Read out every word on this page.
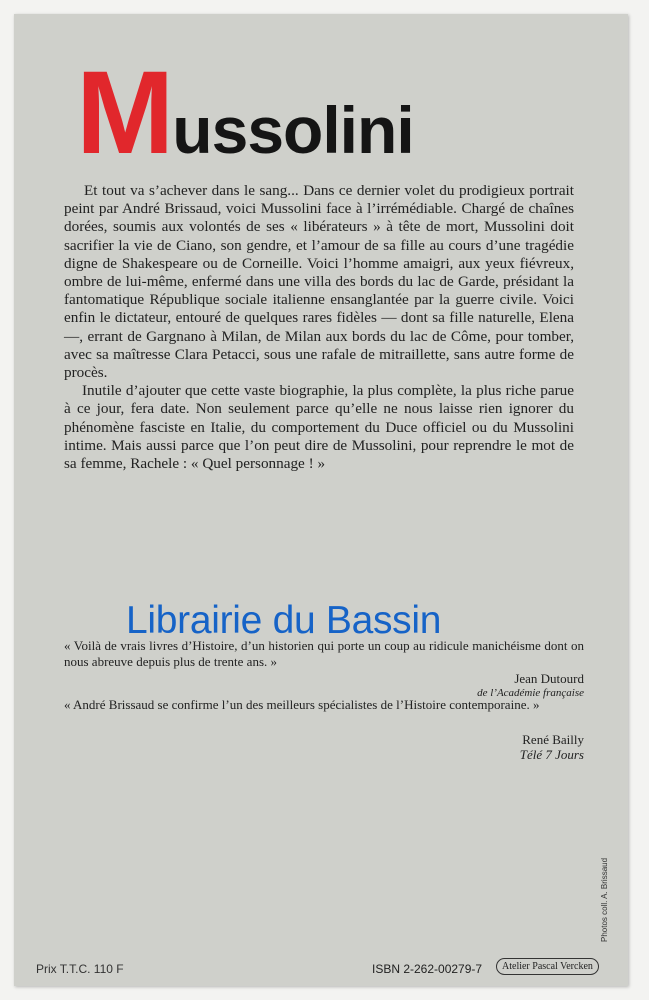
Mussolini

Et tout va s’achever dans le sang... Dans ce dernier volet du prodigieux portrait peint par André Brissaud, voici Mussolini face à l’irrémédiable. Chargé de chaînes dorées, soumis aux volontés de ses « libérateurs » à tête de mort, Mussolini doit sacrifier la vie de Ciano, son gendre, et l’amour de sa fille au cours d’une tragédie digne de Shakespeare ou de Corneille. Voici l’homme amaigri, aux yeux fiévreux, ombre de lui-même, enfermé dans une villa des bords du lac de Garde, présidant la fantomatique République sociale italienne ensanglantée par la guerre civile. Voici enfin le dictateur, entouré de quelques rares fidèles — dont sa fille naturelle, Elena —, errant de Gargnano à Milan, de Milan aux bords du lac de Côme, pour tomber, avec sa maîtresse Clara Petacci, sous une rafale de mitraillette, sans autre forme de procès.

Inutile d’ajouter que cette vaste biographie, la plus complète, la plus riche parue à ce jour, fera date. Non seulement parce qu’elle ne nous laisse rien ignorer du phénomène fasciste en Italie, du comportement du Duce officiel ou du Mussolini intime. Mais aussi parce que l’on peut dire de Mussolini, pour reprendre le mot de sa femme, Rachele : « Quel personnage ! »

Librairie du Bassin
« Voilà de vrais livres d’Histoire, d’un historien qui porte un coup au ridicule manichéisme dont on nous abreuve depuis plus de trente ans. »
Jean Dutourd
de l’Académie française
« André Brissaud se confirme l’un des meilleurs spécialistes de l’Histoire contemporaine. »
René Bailly
Télé 7 Jours
Prix T.T.C. 110 F	ISBN 2-262-00279-7	Atelier Pascal Vercken
Photos coll. A. Brissaud
